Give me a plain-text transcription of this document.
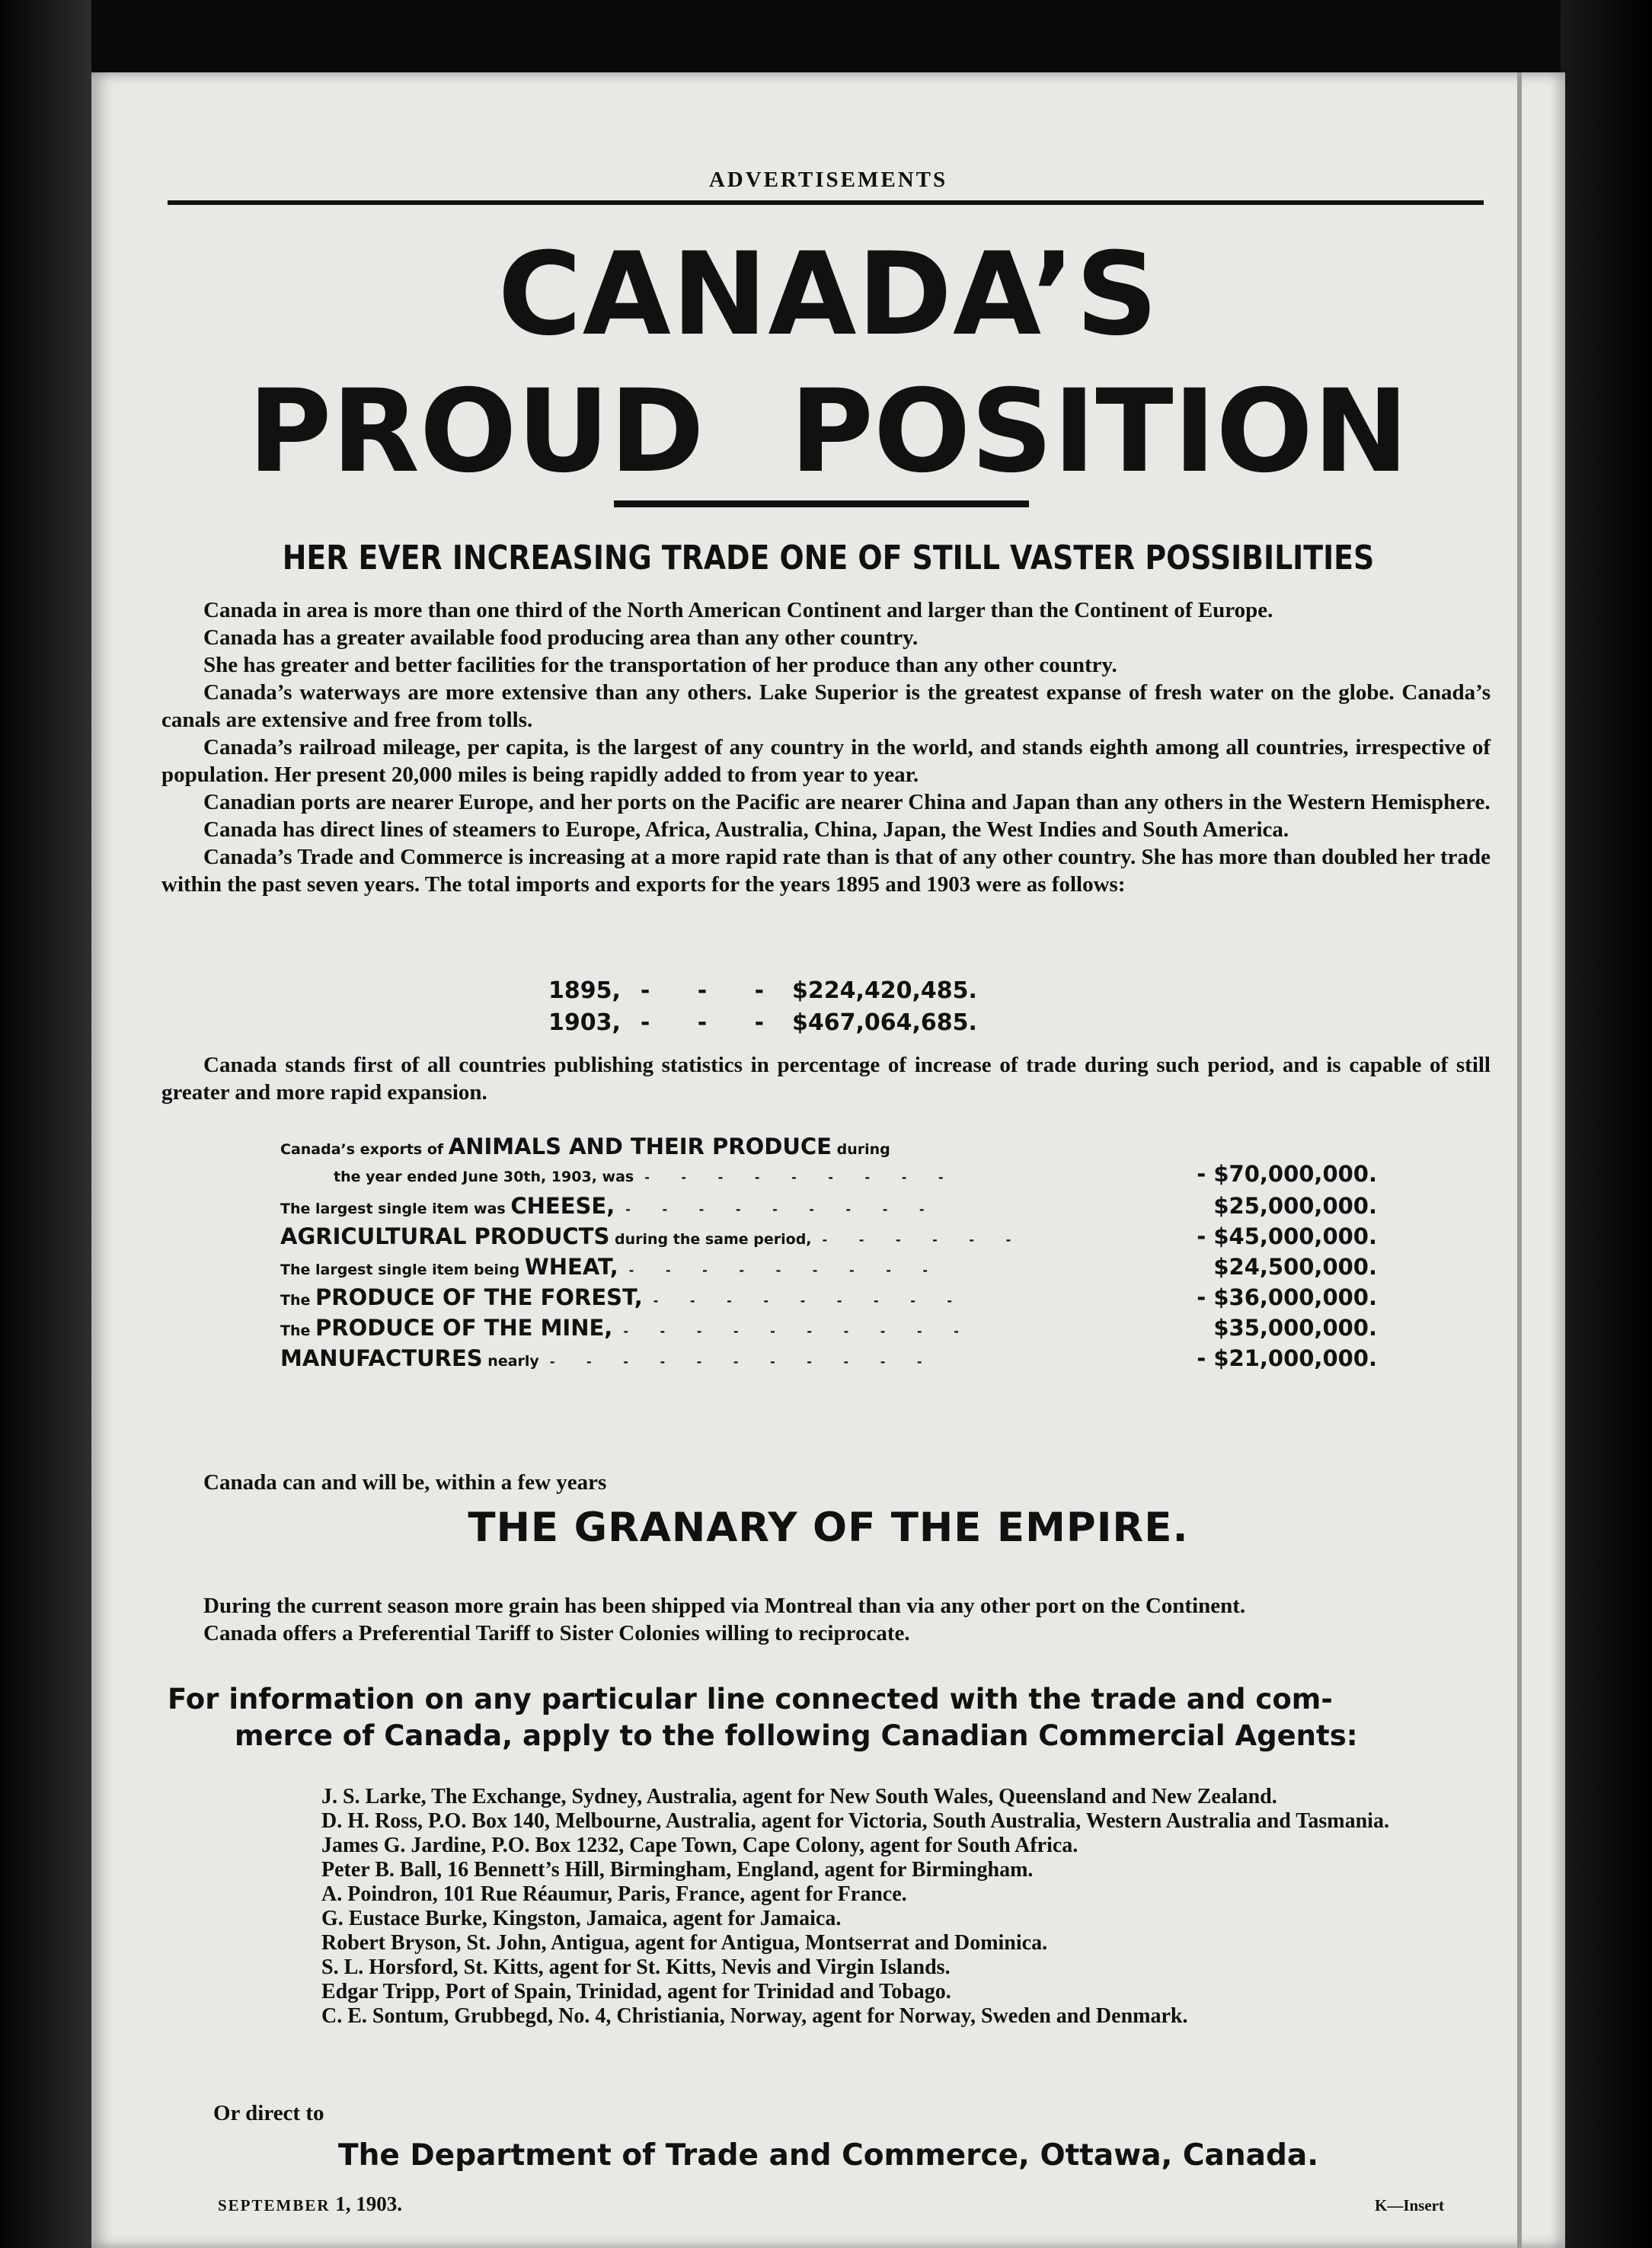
ADVERTISEMENTS
CANADA’S
PROUD POSITION
HER EVER INCREASING TRADE ONE OF STILL VASTER POSSIBILITIES

Canada in area is more than one third of the North American Continent and larger than the Continent of Europe.

Canada has a greater available food producing area than any other country.

She has greater and better facilities for the transportation of her produce than any other country.

Canada’s waterways are more extensive than any others. Lake Superior is the greatest expanse of fresh water on the globe. Canada’s canals are extensive and free from tolls.

Canada’s railroad mileage, per capita, is the largest of any country in the world, and stands eighth among all countries, irrespective of population. Her present 20,000 miles is being rapidly added to from year to year.

Canadian ports are nearer Europe, and her ports on the Pacific are nearer China and Japan than any others in the Western Hemisphere.

Canada has direct lines of steamers to Europe, Africa, Australia, China, Japan, the West Indies and South America.

Canada’s Trade and Commerce is increasing at a more rapid rate than is that of any other country. She has more than doubled her trade within the past seven years. The total imports and exports for the years 1895 and 1903 were as follows:

1895, - - - $224,420,485.
1903, - - - $467,064,685.

Canada stands first of all countries publishing statistics in percentage of increase of trade during such period, and is capable of still greater and more rapid expansion.

Canada’s exports of ANIMALS AND THEIR PRODUCE during
the year ended June 30th, 1903, was - - - - - - - - -	- $70,000,000.
The largest single item was CHEESE, - - - - - - - - -	$25,000,000.
AGRICULTURAL PRODUCTS during the same period, - - - - - -	- $45,000,000.
The largest single item being WHEAT, - - - - - - - - -	$24,500,000.
The PRODUCE OF THE FOREST, - - - - - - - - -	- $36,000,000.
The PRODUCE OF THE MINE, - - - - - - - - - -	$35,000,000.
MANUFACTURES nearly - - - - - - - - - - -	- $21,000,000.

Canada can and will be, within a few years

THE GRANARY OF THE EMPIRE.

During the current season more grain has been shipped via Montreal than via any other port on the Continent.

Canada offers a Preferential Tariff to Sister Colonies willing to reciprocate.

For information on any particular line connected with the trade and com-
merce of Canada, apply to the following Canadian Commercial Agents:
J. S. Larke, The Exchange, Sydney, Australia, agent for New South Wales, Queensland and New Zealand.
D. H. Ross, P.O. Box 140, Melbourne, Australia, agent for Victoria, South Australia, Western Australia and Tasmania.
James G. Jardine, P.O. Box 1232, Cape Town, Cape Colony, agent for South Africa.
Peter B. Ball, 16 Bennett’s Hill, Birmingham, England, agent for Birmingham.
A. Poindron, 101 Rue Réaumur, Paris, France, agent for France.
G. Eustace Burke, Kingston, Jamaica, agent for Jamaica.
Robert Bryson, St. John, Antigua, agent for Antigua, Montserrat and Dominica.
S. L. Horsford, St. Kitts, agent for St. Kitts, Nevis and Virgin Islands.
Edgar Tripp, Port of Spain, Trinidad, agent for Trinidad and Tobago.
C. E. Sontum, Grubbegd, No. 4, Christiania, Norway, agent for Norway, Sweden and Denmark.
Or direct to
The Department of Trade and Commerce, Ottawa, Canada.
SEPTEMBER 1, 1903.	K—Insert
